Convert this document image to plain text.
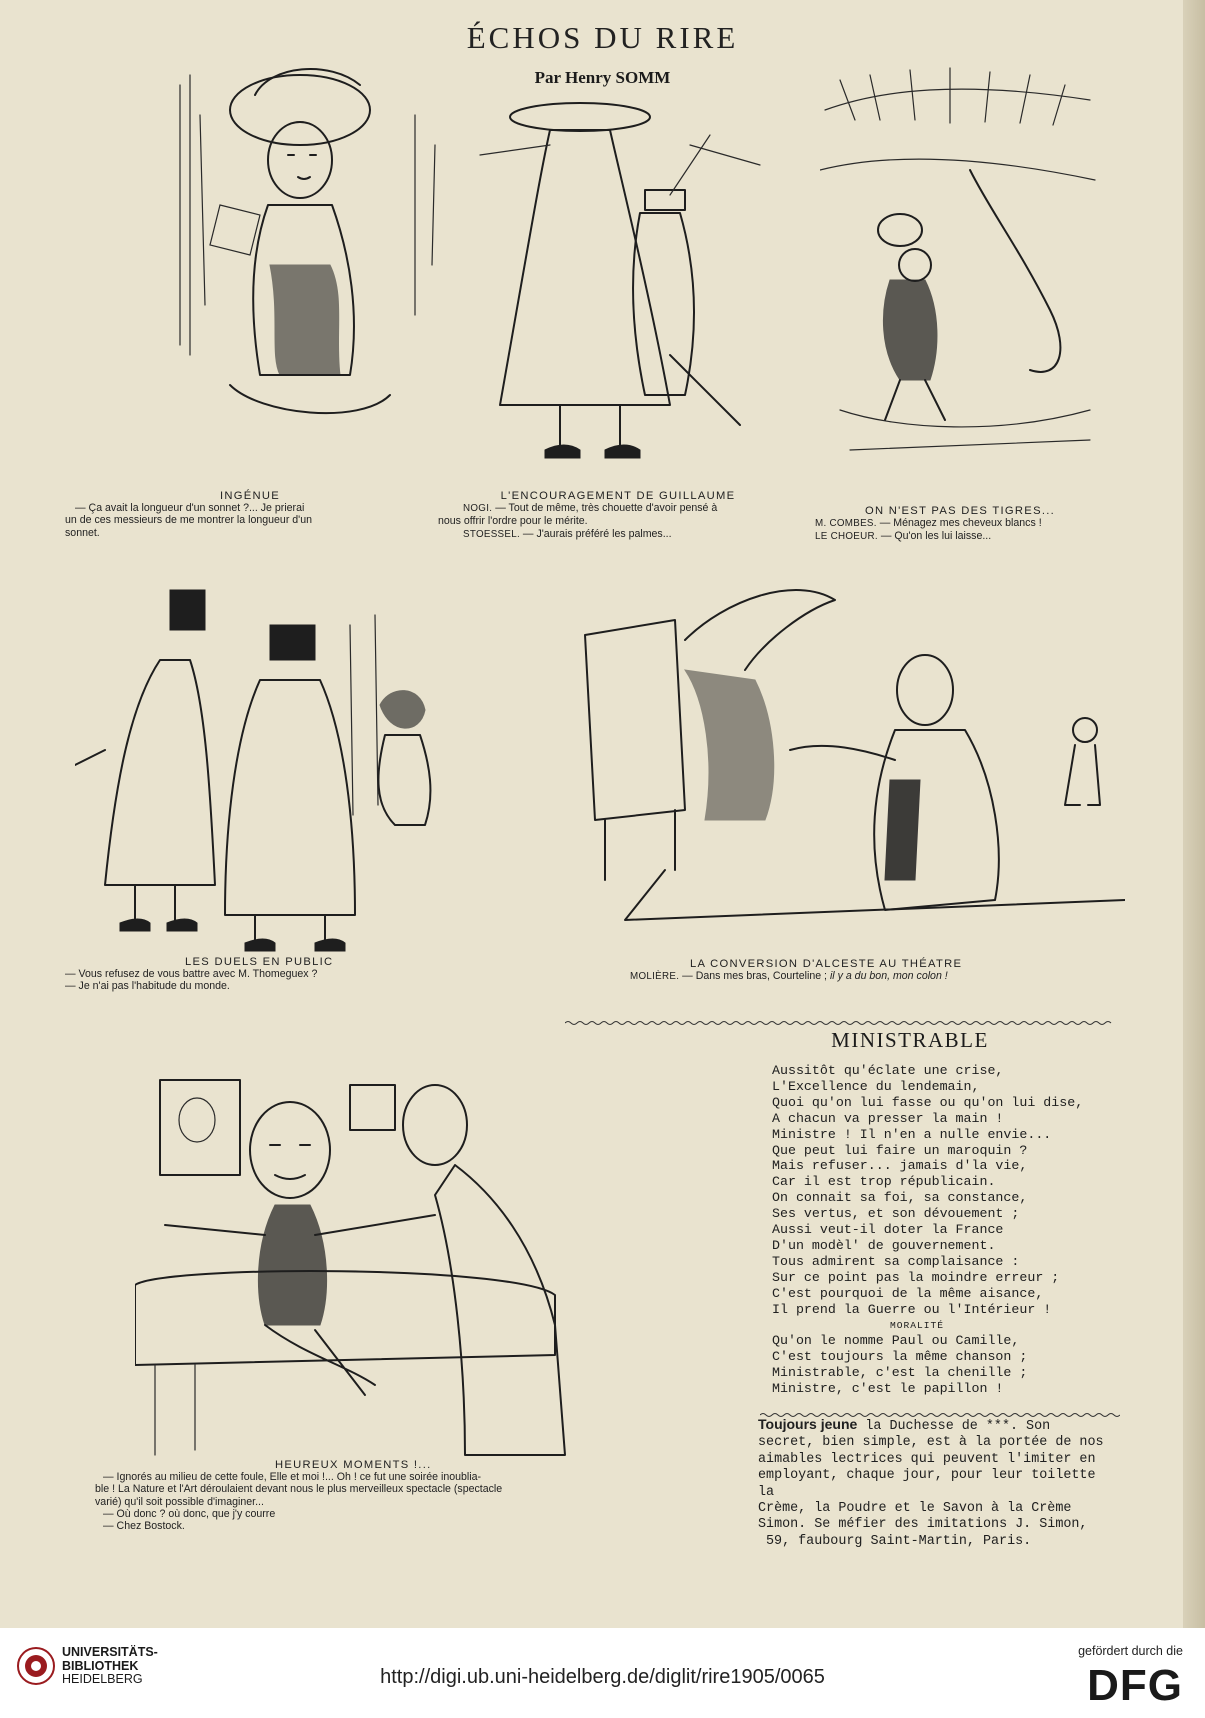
ÉCHOS DU RIRE
Par Henry SOMM
INGÉNUE
— Ça avait la longueur d'un sonnet ?... Je prierai
un de ces messieurs de me montrer la longueur d'un
sonnet.
L'ENCOURAGEMENT DE GUILLAUME
NOGI. — Tout de même, très chouette d'avoir pensé à
nous offrir l'ordre pour le mérite.
STOESSEL. — J'aurais préféré les palmes...
ON N'EST PAS DES TIGRES...
M. COMBES. — Ménagez mes cheveux blancs !
LE CHOEUR. — Qu'on les lui laisse...
LES DUELS EN PUBLIC
— Vous refusez de vous battre avec M. Thomeguex ?
— Je n'ai pas l'habitude du monde.
LA CONVERSION D'ALCESTE AU THÉATRE
MOLIÈRE. — Dans mes bras, Courteline ; il y a du bon, mon colon !
HEUREUX MOMENTS !...
— Ignorés au milieu de cette foule, Elle et moi !... Oh ! ce fut une soirée inoublia-
ble ! La Nature et l'Art déroulaient devant nous le plus merveilleux spectacle (spectacle
varié) qu'il soit possible d'imaginer...
— Où donc ? où donc, que j'y courre
— Chez Bostock.
MINISTRABLE
Aussitôt qu'éclate une crise,
L'Excellence du lendemain,
Quoi qu'on lui fasse ou qu'on lui dise,
A chacun va presser la main !
Ministre ! Il n'en a nulle envie...
Que peut lui faire un maroquin ?
Mais refuser... jamais d'la vie,
Car il est trop républicain.
On connait sa foi, sa constance,
Ses vertus, et son dévouement ;
Aussi veut-il doter la France
D'un modèl' de gouvernement.
Tous admirent sa complaisance :
Sur ce point pas la moindre erreur ;
C'est pourquoi de la même aisance,
Il prend la Guerre ou l'Intérieur !
MORALITÉ
Qu'on le nomme Paul ou Camille,
C'est toujours la même chanson ;
Ministrable, c'est la chenille ;
Ministre, c'est le papillon !
Toujours jeune la Duchesse de ***. Son
secret, bien simple, est à la portée de nos
aimables lectrices qui peuvent l'imiter en
employant, chaque jour, pour leur toilette la
Crème, la Poudre et le Savon à la Crème
Simon. Se méfier des imitations J. Simon,
59, faubourg Saint-Martin, Paris.
UNIVERSITÄTS-
BIBLIOTHEK
HEIDELBERG	http://digi.ub.uni-heidelberg.de/diglit/rire1905/0065
gefördert durch die
DFG
